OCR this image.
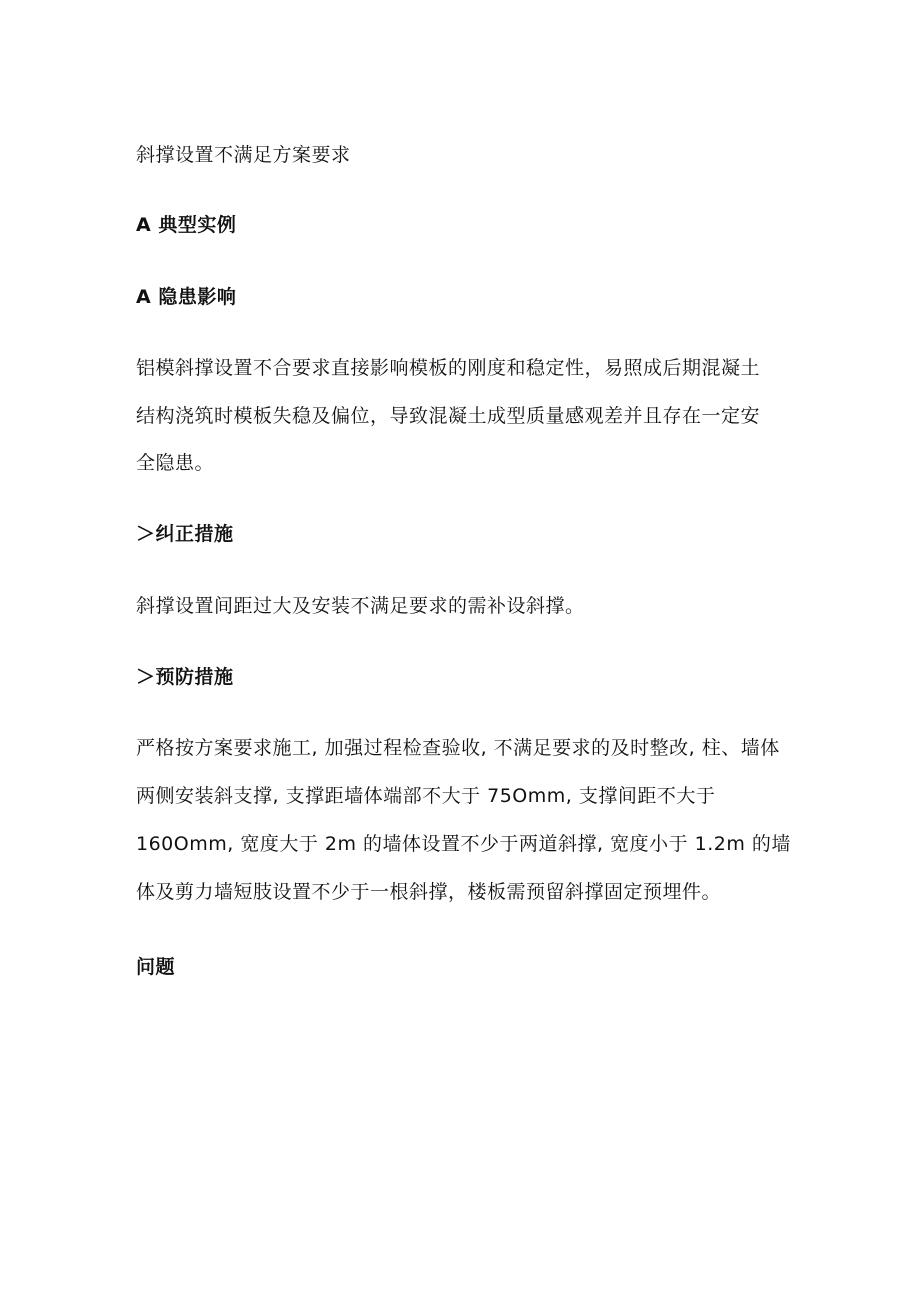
斜撑设置不满足方案要求

A 典型实例

A 隐患影响

铝模斜撑设置不合要求直接影响模板的刚度和稳定性，易照成后期混凝土

结构浇筑时模板失稳及偏位，导致混凝土成型质量感观差并且存在一定安

全隐患。

＞纠正措施

斜撑设置间距过大及安装不满足要求的需补设斜撑。

＞预防措施

严格按方案要求施工, 加强过程检查验收, 不满足要求的及时整改, 柱、墙体

两侧安装斜支撑, 支撑距墙体端部不大于 75Omm, 支撑间距不大于

160Omm, 宽度大于 2m 的墙体设置不少于两道斜撑, 宽度小于 1.2m 的墙

体及剪力墙短肢设置不少于一根斜撑，楼板需预留斜撑固定预埋件。

问题
